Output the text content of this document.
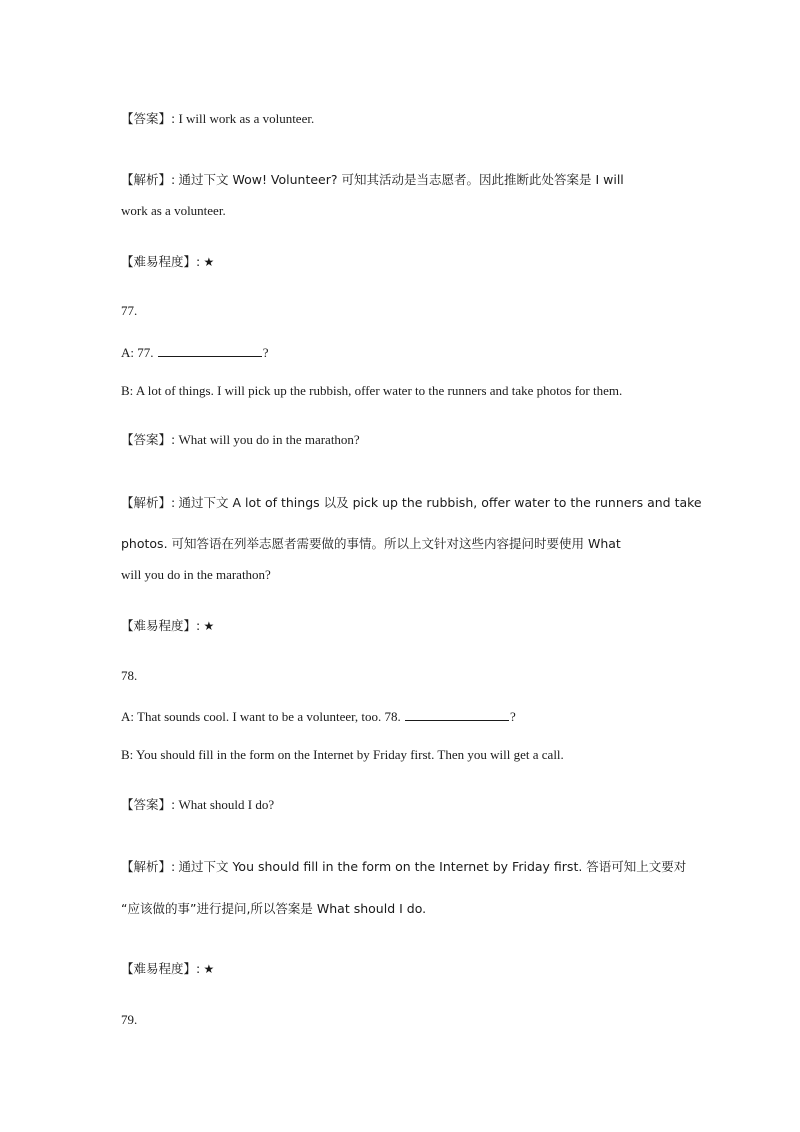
【答案】: I will work as a volunteer.
【解析】: 通过下文 Wow! Volunteer? 可知其活动是当志愿者。因此推断此处答案是 I will
work as a volunteer.
【难易程度】: ★
77.
A: 77.	?
B: A lot of things. I will pick up the rubbish, offer water to the runners and take photos for them.
【答案】: What will you do in the marathon?
【解析】: 通过下文 A lot of things 以及 pick up the rubbish, offer water to the runners and take
photos. 可知答语在列举志愿者需要做的事情。所以上文针对这些内容提问时要使用 What
will you do in the marathon?
【难易程度】: ★
78.
A: That sounds cool. I want to be a volunteer, too. 78.	?
B: You should fill in the form on the Internet by Friday first. Then you will get a call.
【答案】: What should I do?
【解析】: 通过下文 You should fill in the form on the Internet by Friday first. 答语可知上文要对
“应该做的事”进行提问,所以答案是 What should I do.
【难易程度】: ★
79.
